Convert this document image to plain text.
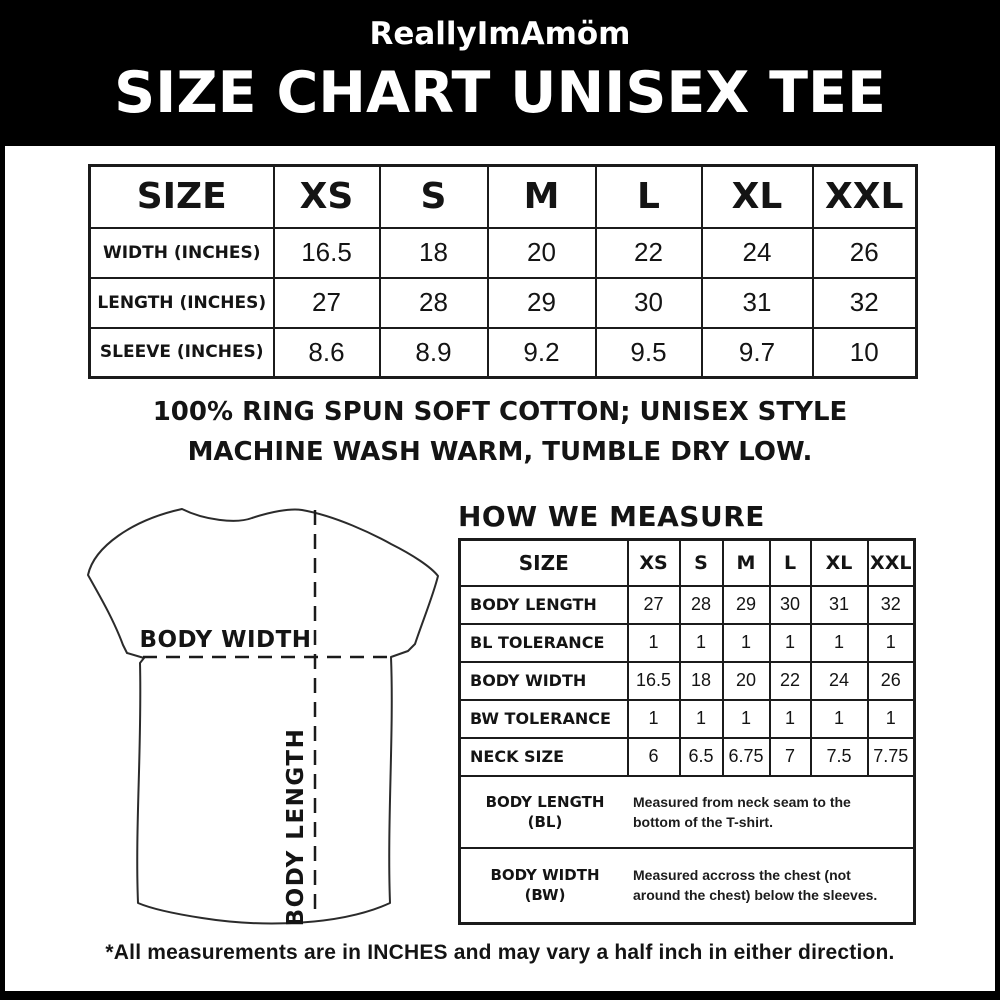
ReallyImAmöm
SIZE CHART UNISEX TEE
SIZE	XS	S	M	L	XL	XXL
WIDTH (INCHES)	16.5	18	20	22	24	26
LENGTH (INCHES)	27	28	29	30	31	32
SLEEVE (INCHES)	8.6	8.9	9.2	9.5	9.7	10
100% RING SPUN SOFT COTTON; UNISEX STYLE
MACHINE WASH WARM, TUMBLE DRY LOW.
BODY WIDTH
BODY LENGTH
HOW WE MEASURE
SIZE	XS	S	M	L	XL	XXL
BODY LENGTH	27	28	29	30	31	32
BL TOLERANCE	1	1	1	1	1	1
BODY WIDTH	16.5	18	20	22	24	26
BW TOLERANCE	1	1	1	1	1	1
NECK SIZE	6	6.5	6.75	7	7.5	7.75

BODY LENGTH
(BL)
Measured from neck seam to the bottom of the T-shirt.						

BODY WIDTH
(BW)
Measured accross the chest (not around the chest) below the sleeves.						
*All measurements are in INCHES and may vary a half inch in either direction.
